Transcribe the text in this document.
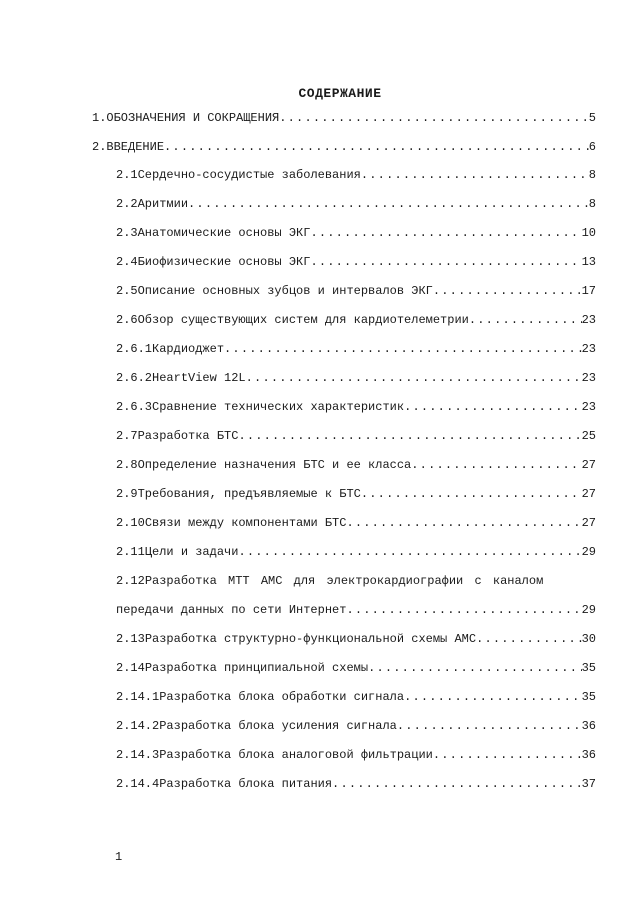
СОДЕРЖАНИЕ
1. ОБОЗНАЧЕНИЯ И СОКРАЩЕНИЯ .....	5
2. ВВЕДЕНИЕ .....	6
2.1 Сердечно-сосудистые заболевания .....	8
2.2 Аритмии .....	8
2.3 Анатомические основы ЭКГ .....	10
2.4 Биофизические основы ЭКГ .....	13
2.5 Описание основных зубцов и интервалов ЭКГ .....	17
2.6 Обзор существующих систем для кардиотелеметрии .....	23
2.6.1 Кардиоджет .....	23
2.6.2 HeartView 12L .....	23
2.6.3 Сравнение технических характеристик .....	23
2.7 Разработка БТС .....	25
2.8 Определение назначения БТС и ее класса .....	27
2.9 Требования, предъявляемые к БТС .....	27
2.10 Связи между компонентами БТС .....	27
2.11 Цели и задачи .....	29
2.12Разработка МТТ АМС для электрокардиографии с каналом
передачи данных по сети Интернет .....	29
2.13 Разработка структурно-функциональной схемы АМС .....	30
2.14 Разработка принципиальной схемы .....	35
2.14.1 Разработка блока обработки сигнала .....	35
2.14.2 Разработка блока усиления сигнала .....	36
2.14.3 Разработка блока аналоговой фильтрации .....	36
2.14.4 Разработка блока питания .....	37
1
